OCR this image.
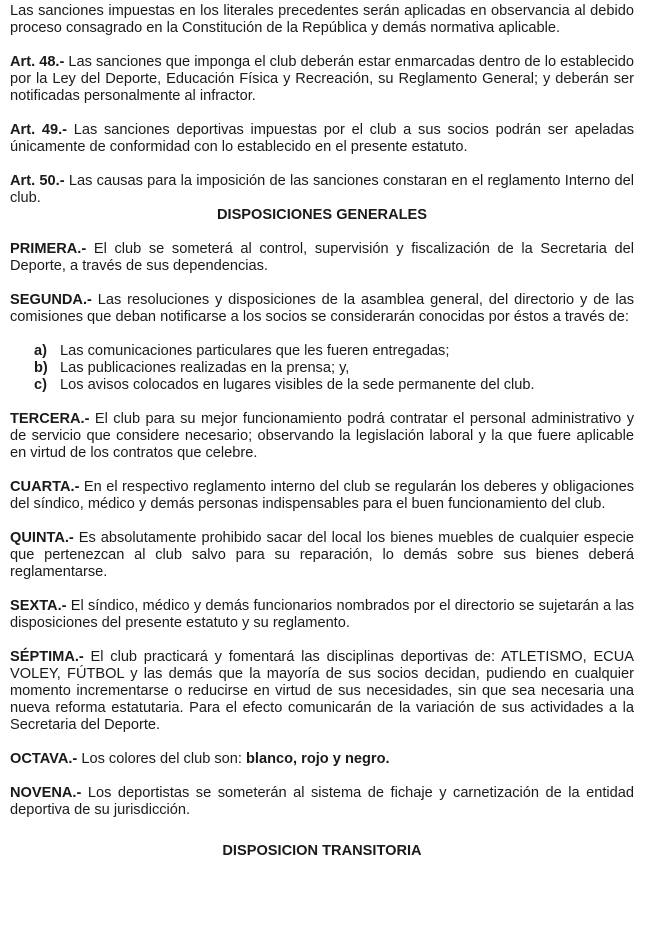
Las sanciones impuestas en los literales precedentes serán aplicadas en observancia al debido proceso consagrado en la Constitución de la República y demás normativa aplicable.

Art. 48.- Las sanciones que imponga el club deberán estar enmarcadas dentro de lo establecido por la Ley del Deporte, Educación Física y Recreación, su Reglamento General; y deberán ser notificadas personalmente al infractor.

Art. 49.- Las sanciones deportivas impuestas por el club a sus socios podrán ser apeladas únicamente de conformidad con lo establecido en el presente estatuto.

Art. 50.- Las causas para la imposición de las sanciones constaran en el reglamento Interno del club.

DISPOSICIONES GENERALES

PRIMERA.- El club se someterá al control, supervisión y fiscalización de la Secretaria del Deporte, a través de sus dependencias.

SEGUNDA.- Las resoluciones y disposiciones de la asamblea general, del directorio y de las comisiones que deban notificarse a los socios se considerarán conocidas por éstos a través de:

a) Las comunicaciones particulares que les fueren entregadas;
b) Las publicaciones realizadas en la prensa; y,
c) Los avisos colocados en lugares visibles de la sede permanente del club.

TERCERA.- El club para su mejor funcionamiento podrá contratar el personal administrativo y de servicio que considere necesario; observando la legislación laboral y la que fuere aplicable en virtud de los contratos que celebre.

CUARTA.- En el respectivo reglamento interno del club se regularán los deberes y obligaciones del síndico, médico y demás personas indispensables para el buen funcionamiento del club.

QUINTA.- Es absolutamente prohibido sacar del local los bienes muebles de cualquier especie que pertenezcan al club salvo para su reparación, lo demás sobre sus bienes deberá reglamentarse.

SEXTA.- El síndico, médico y demás funcionarios nombrados por el directorio se sujetarán a las disposiciones del presente estatuto y su reglamento.

SÉPTIMA.- El club practicará y fomentará las disciplinas deportivas de: ATLETISMO, ECUA VOLEY, FÚTBOL y las demás que la mayoría de sus socios decidan, pudiendo en cualquier momento incrementarse o reducirse en virtud de sus necesidades, sin que sea necesaria una nueva reforma estatutaria. Para el efecto comunicarán de la variación de sus actividades a la Secretaria del Deporte.

OCTAVA.- Los colores del club son: blanco, rojo y negro.

NOVENA.- Los deportistas se someterán al sistema de fichaje y carnetización de la entidad deportiva de su jurisdicción.

DISPOSICION TRANSITORIA
